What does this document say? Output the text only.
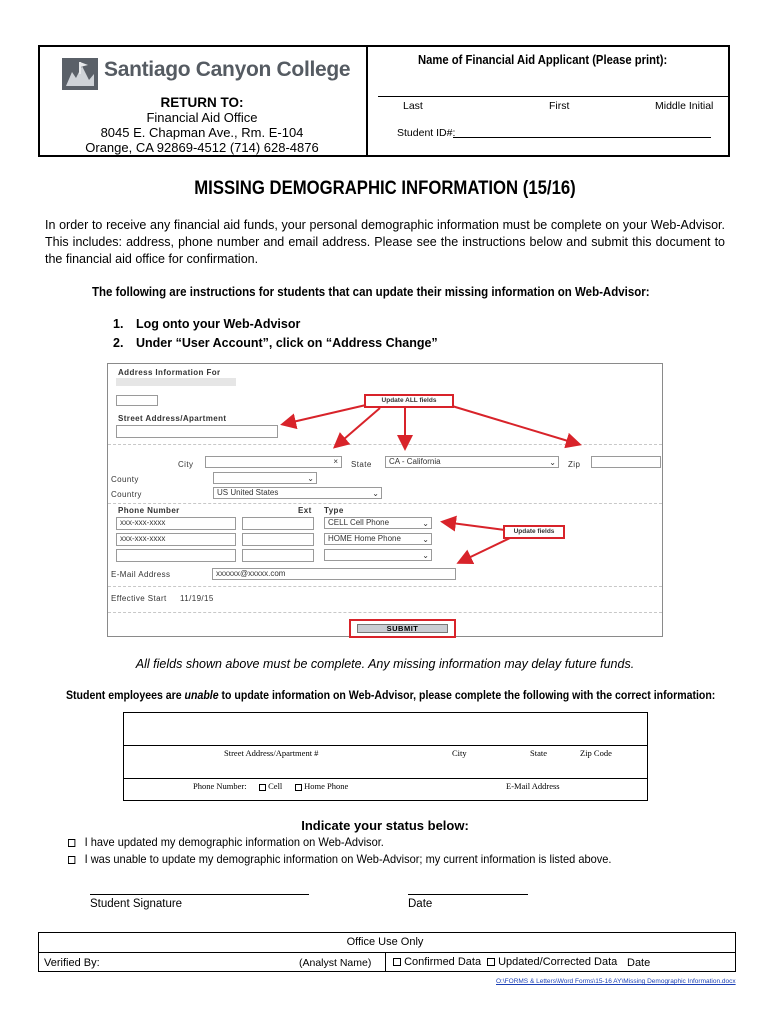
Santiago Canyon College
RETURN TO:
Financial Aid Office
8045 E. Chapman Ave., Rm. E-104
Orange, CA 92869-4512 (714) 628-4876
Name of Financial Aid Applicant (Please print):
Last	First	Middle Initial
Student ID#:
MISSING DEMOGRAPHIC INFORMATION (15/16)
In order to receive any financial aid funds, your personal demographic information must be complete on your Web-Advisor. This includes: address, phone number and email address. Please see the instructions below and submit this document to the financial aid office for confirmation.
The following are instructions for students that can update their missing information on Web-Advisor:
1. Log onto your Web-Advisor
2. Under “User Account”, click on “Address Change”
Address Information For
Street Address/Apartment
City	× State	CA - California	⌄ Zip
County	⌄
Country	US United States	⌄
Phone Number	Ext Type
xxx-xxx-xxxx	CELL Cell Phone	⌄
xxx-xxx-xxxx	HOME Home Phone	⌄
⌄
E-Mail Address	xxxxxx@xxxxx.com
Effective Start 11/19/15
SUBMIT
Update ALL fields
Update fields
All fields shown above must be complete. Any missing information may delay future funds.
Student employees are unable to update information on Web-Advisor, please complete the following with the correct information:
Street Address/Apartment #	City	State	Zip Code
Phone Number:	Cell	Home Phone	E-Mail Address
Indicate your status below:
I have updated my demographic information on Web-Advisor.
I was unable to update my demographic information on Web-Advisor; my current information is listed above.
Student Signature	Date
Office Use Only
Verified By:	(Analyst Name)	Confirmed Data	Updated/Corrected Data Date
O:\FORMS & Letters\Word Forms\15-16 AY\Missing Demographic Information.docx
